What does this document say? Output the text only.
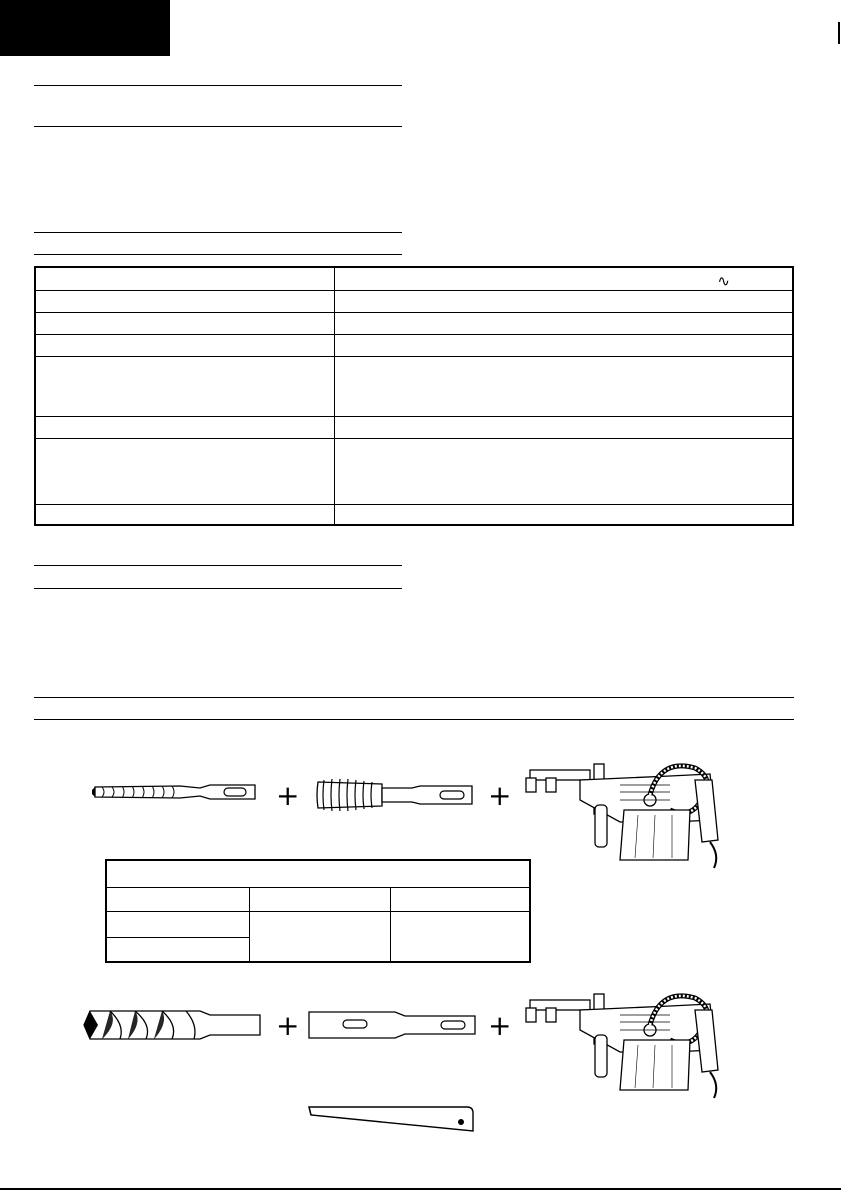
∿
+	+
+	+
